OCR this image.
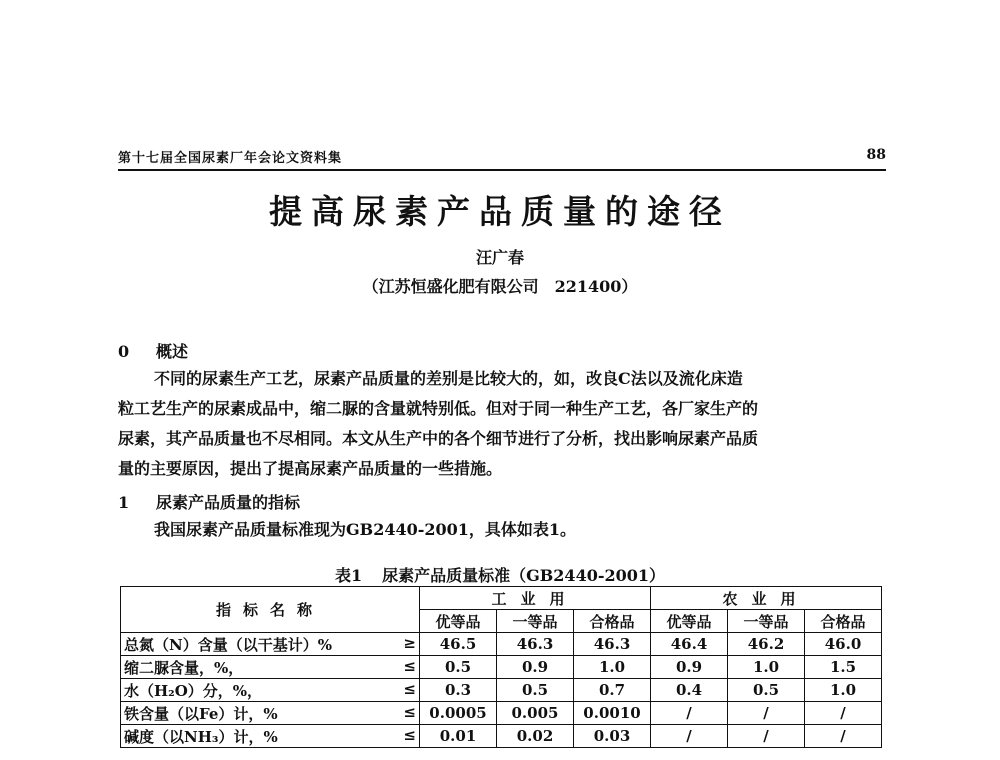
第十七届全国尿素厂年会论文资料集	88
提高尿素产品质量的途径
汪广春
（江苏恒盛化肥有限公司　221400）
0 概述
不同的尿素生产工艺，尿素产品质量的差别是比较大的，如，改良C法以及流化床造
粒工艺生产的尿素成品中，缩二脲的含量就特别低。但对于同一种生产工艺，各厂家生产的
尿素，其产品质量也不尽相同。本文从生产中的各个细节进行了分析，找出影响尿素产品质
量的主要原因，提出了提高尿素产品质量的一些措施。
1 尿素产品质量的指标
我国尿素产品质量标准现为GB2440-2001，具体如表1。
表1 尿素产品质量标准（GB2440-2001）
指标名称	工业用			农业用		
	优等品	一等品	合格品	优等品	一等品	合格品
总氮（N）含量（以干基计）% ≥	46.5	46.3	46.3	46.4	46.2	46.0
缩二脲含量，%， ≤	0.5	0.9	1.0	0.9	1.0	1.5
水（H₂O）分，%， ≤	0.3	0.5	0.7	0.4	0.5	1.0
铁含量（以Fe）计，% ≤	0.0005	0.005	0.0010	/	/	/
碱度（以NH₃）计，% ≤	0.01	0.02	0.03	/	/	/
